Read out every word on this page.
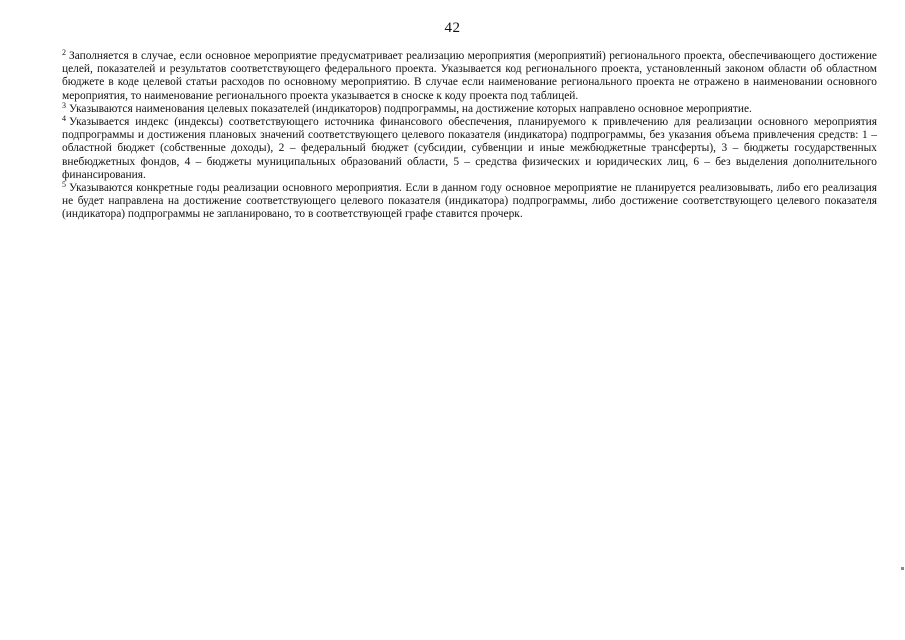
42

$^2$ Заполняется в случае, если основное мероприятие предусматривает реализацию мероприятия (мероприятий) регионального проекта, обеспечивающего достижение целей, показателей и результатов соответствующего федерального проекта. Указывается код регионального проекта, установленный законом области об областном бюджете в коде целевой статьи расходов по основному мероприятию. В случае если наименование регионального проекта не отражено в наименовании основного мероприятия, то наименование регионального проекта указывается в сноске к коду проекта под таблицей.

$^3$ Указываются наименования целевых показателей (индикаторов) подпрограммы, на достижение которых направлено основное мероприятие.

$^4$ Указывается индекс (индексы) соответствующего источника финансового обеспечения, планируемого к привлечению для реализации основного мероприятия подпрограммы и достижения плановых значений соответствующего целевого показателя (индикатора) подпрограммы, без указания объема привлечения средств: 1 – областной бюджет (собственные доходы), 2 – федеральный бюджет (субсидии, субвенции и иные межбюджетные трансферты), 3 – бюджеты государственных внебюджетных фондов, 4 – бюджеты муниципальных образований области, 5 – средства физических и юридических лиц, 6 – без выделения дополнительного финансирования.

$^5$ Указываются конкретные годы реализации основного мероприятия. Если в данном году основное мероприятие не планируется реализовывать, либо его реализация не будет направлена на достижение соответствующего целевого показателя (индикатора) подпрограммы, либо достижение соответствующего целевого показателя (индикатора) подпрограммы не запланировано, то в соответствующей графе ставится прочерк.
